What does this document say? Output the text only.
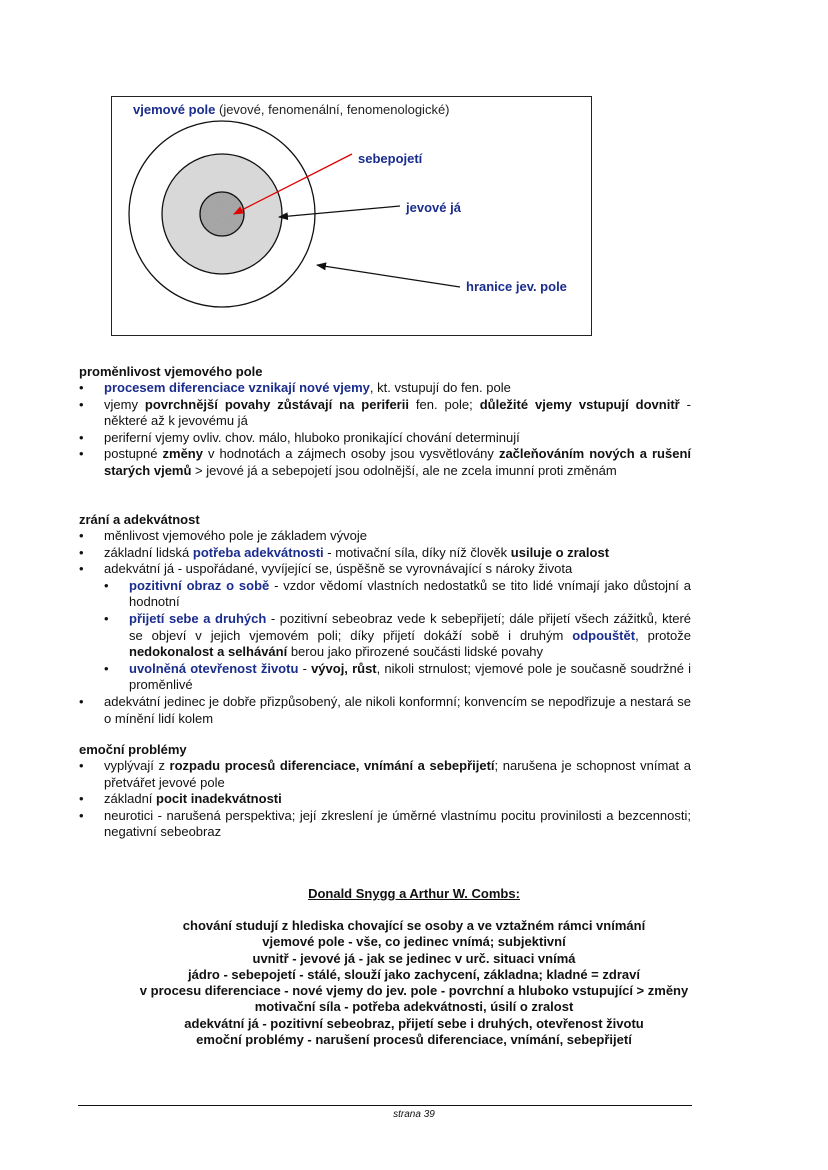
vjemové pole (jevové, fenomenální, fenomenologické)
sebepojetí
jevové já
hranice jev. pole
proměnlivost vjemového pole
• procesem diferenciace vznikají nové vjemy, kt. vstupují do fen. pole
• vjemy povrchnější povahy zůstávají na periferii fen. pole; důležité vjemy vstupují dovnitř - některé až k jevovému já
• periferní vjemy ovliv. chov. málo, hluboko pronikající chování determinují
• postupné změny v hodnotách a zájmech osoby jsou vysvětlovány začleňováním nových a rušení starých vjemů > jevové já a sebepojetí jsou odolnější, ale ne zcela imunní proti změnám
zrání a adekvátnost
• měnlivost vjemového pole je základem vývoje
• základní lidská potřeba adekvátnosti - motivační síla, díky níž člověk usiluje o zralost
• adekvátní já - uspořádané, vyvíjející se, úspěšně se vyrovnávající s nároky života
• pozitivní obraz o sobě - vzdor vědomí vlastních nedostatků se tito lidé vnímají jako důstojní a hodnotní
• přijetí sebe a druhých - pozitivní sebeobraz vede k sebepřijetí; dále přijetí všech zážitků, které se objeví v jejich vjemovém poli; díky přijetí dokáží sobě i druhým odpouštět, protože nedokonalost a selhávání berou jako přirozené součásti lidské povahy
• uvolněná otevřenost životu - vývoj, růst, nikoli strnulost; vjemové pole je současně soudržné i proměnlivé
• adekvátní jedinec je dobře přizpůsobený, ale nikoli konformní; konvencím se nepodřizuje a nestará se o mínění lidí kolem
emoční problémy
• vyplývají z rozpadu procesů diferenciace, vnímání a sebepřijetí; narušena je schopnost vnímat a přetvářet jevové pole
• základní pocit inadekvátnosti
• neurotici - narušená perspektiva; její zkreslení je úměrné vlastnímu pocitu provinilosti a bezcennosti; negativní sebeobraz
Donald Snygg a Arthur W. Combs:
chování studují z hlediska chovající se osoby a ve vztažném rámci vnímání
vjemové pole - vše, co jedinec vnímá; subjektivní
uvnitř - jevové já - jak se jedinec v urč. situaci vnímá
jádro - sebepojetí - stálé, slouží jako zachycení, základna; kladné = zdraví
v procesu diferenciace - nové vjemy do jev. pole - povrchní a hluboko vstupující > změny
motivační síla - potřeba adekvátnosti, úsilí o zralost
adekvátní já - pozitivní sebeobraz, přijetí sebe i druhých, otevřenost životu
emoční problémy - narušení procesů diferenciace, vnímání, sebepřijetí
strana 39
